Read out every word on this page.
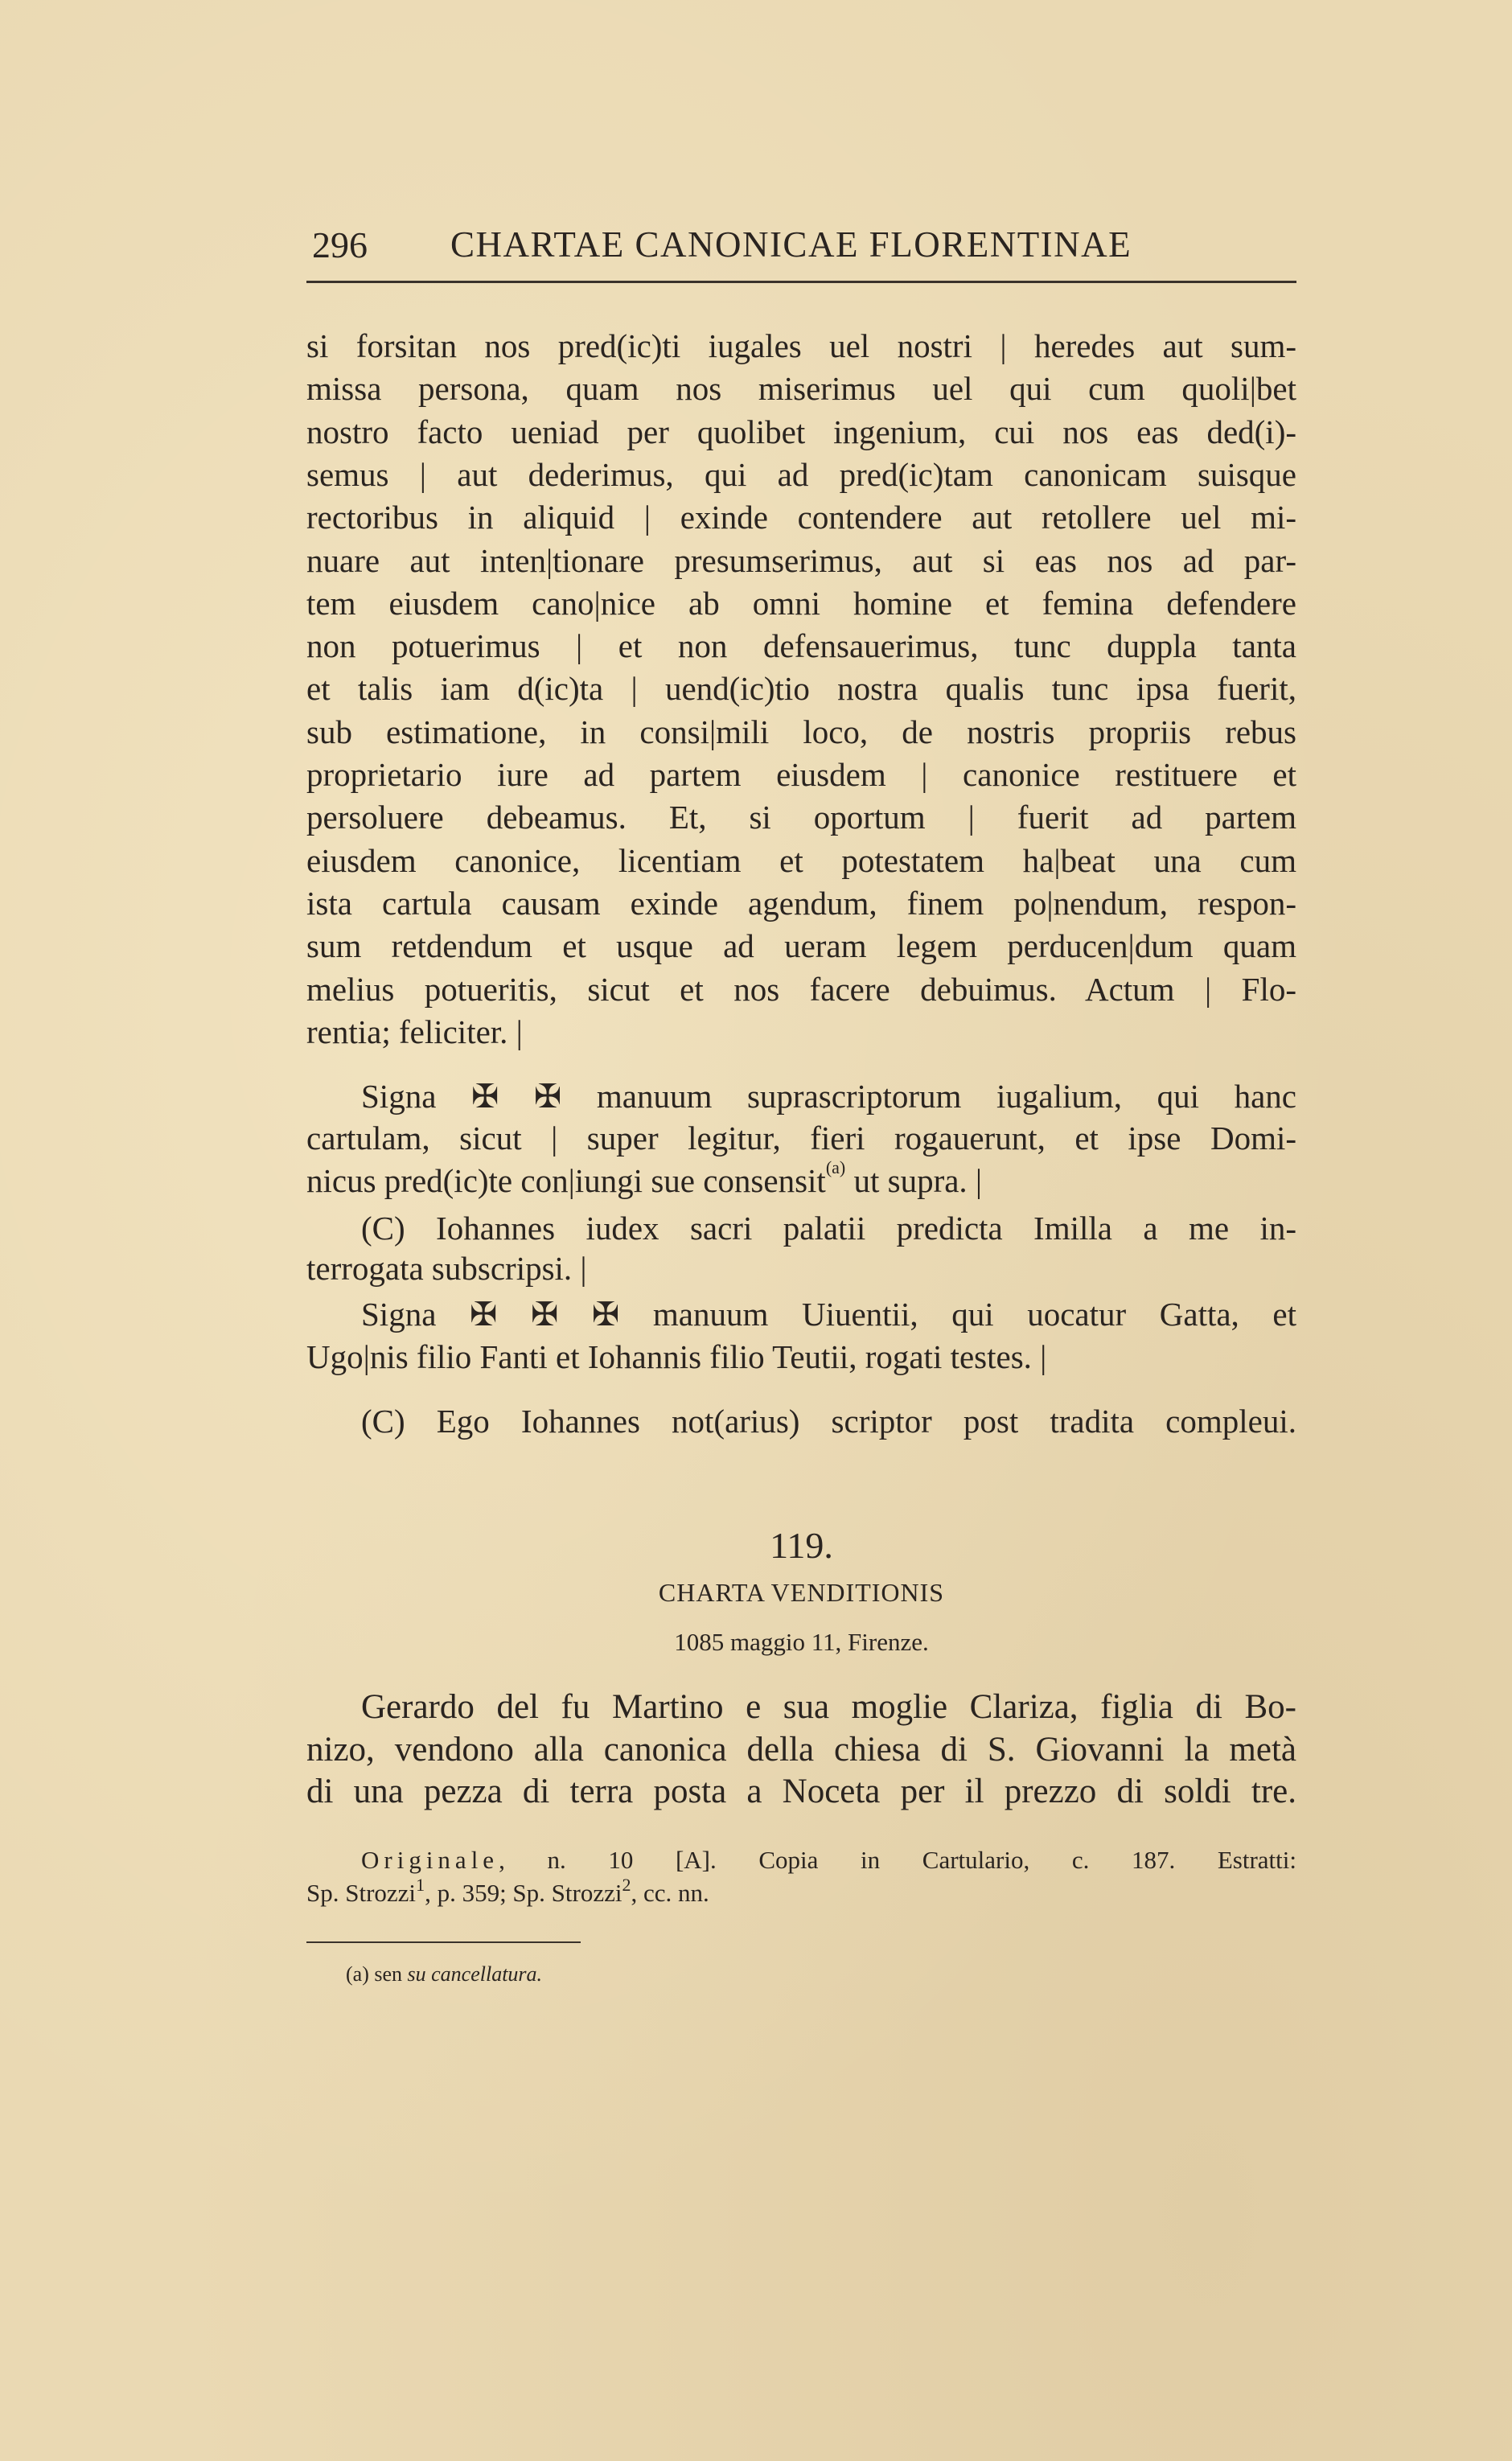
296 CHARTAE CANONICAE FLORENTINAE
si forsitan nos pred(ic)ti iugales uel nostri | heredes aut sum-
missa persona, quam nos miserimus uel qui cum quoli|bet
nostro facto ueniad per quolibet ingenium, cui nos eas ded(i)-
semus | aut dederimus, qui ad pred(ic)tam canonicam suisque
rectoribus in aliquid | exinde contendere aut retollere uel mi-
nuare aut inten|tionare presumserimus, aut si eas nos ad par-
tem eiusdem cano|nice ab omni homine et femina defendere
non potuerimus | et non defensauerimus, tunc duppla tanta
et talis iam d(ic)ta | uend(ic)tio nostra qualis tunc ipsa fuerit,
sub estimatione, in consi|mili loco, de nostris propriis rebus
proprietario iure ad partem eiusdem | canonice restituere et
persoluere debeamus. Et, si oportum | fuerit ad partem
eiusdem canonice, licentiam et potestatem ha|beat una cum
ista cartula causam exinde agendum, finem po|nendum, respon-
sum retdendum et usque ad ueram legem perducen|dum quam
melius potueritis, sicut et nos facere debuimus. Actum | Flo-
rentia; feliciter. |
Signa ✠ ✠ manuum suprascriptorum iugalium, qui hanc
cartulam, sicut | super legitur, fieri rogauerunt, et ipse Domi-
nicus pred(ic)te con|iungi sue consensit$^{(a)}$ ut supra. |
(C) Iohannes iudex sacri palatii predicta Imilla a me in-
terrogata subscripsi. |
Signa ✠ ✠ ✠ manuum Uiuentii, qui uocatur Gatta, et
Ugo|nis filio Fanti et Iohannis filio Teutii, rogati testes. |
(C) Ego Iohannes not(arius) scriptor post tradita compleui.
119.
CHARTA VENDITIONIS
1085 maggio 11, Firenze.
Gerardo del fu Martino e sua moglie Clariza, figlia di Bo-
nizo, vendono alla canonica della chiesa di S. Giovanni la metà
di una pezza di terra posta a Noceta per il prezzo di soldi tre.
Originale, n. 10 [A]. Copia in Cartulario, c. 187. Estratti:
Sp. Strozzi$^1$, p. 359; Sp. Strozzi$^2$, cc. nn.
(a) sen su cancellatura.
